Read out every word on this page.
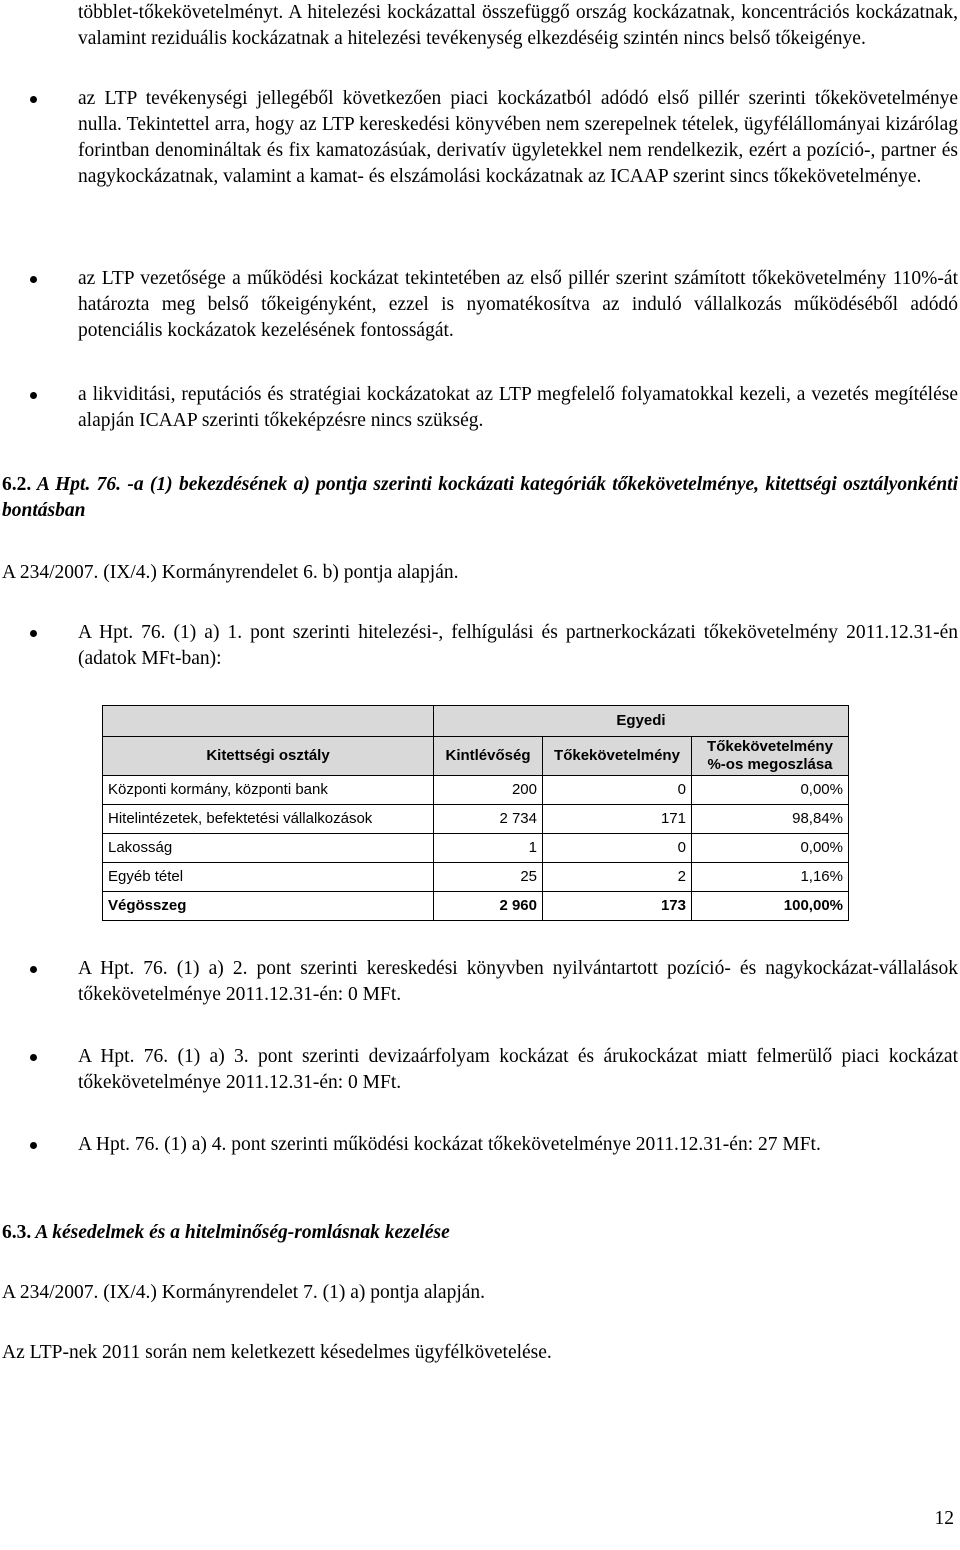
többlet-tőkekövetelményt. A hitelezési kockázattal összefüggő ország kockázatnak, koncentrációs kockázatnak, valamint reziduális kockázatnak a hitelezési tevékenység elkezdéséig szintén nincs belső tőkeigénye.

az LTP tevékenységi jellegéből következően piaci kockázatból adódó első pillér szerinti tőkekövetelménye nulla. Tekintettel arra, hogy az LTP kereskedési könyvében nem szerepelnek tételek, ügyfélállományai kizárólag forintban denomináltak és fix kamatozásúak, derivatív ügyletekkel nem rendelkezik, ezért a pozíció-, partner és nagykockázatnak, valamint a kamat- és elszámolási kockázatnak az ICAAP szerint sincs tőkekövetelménye.

az LTP vezetősége a működési kockázat tekintetében az első pillér szerint számított tőkekövetelmény 110%-át határozta meg belső tőkeigényként, ezzel is nyomatékosítva az induló vállalkozás működéséből adódó potenciális kockázatok kezelésének fontosságát.

a likviditási, reputációs és stratégiai kockázatokat az LTP megfelelő folyamatokkal kezeli, a vezetés megítélése alapján ICAAP szerinti tőkeképzésre nincs szükség.

6.2. A Hpt. 76. -a (1) bekezdésének a) pontja szerinti kockázati kategóriák tőkekövetelménye, kitettségi osztályonkénti bontásban

A 234/2007. (IX/4.) Kormányrendelet 6. b) pontja alapján.

A Hpt. 76. (1) a) 1. pont szerinti hitelezési-, felhígulási és partnerkockázati tőkekövetelmény 2011.12.31-én (adatok MFt-ban):

	Egyedi		
Kitettségi osztály	Kintlévőség	Tőkekövetelmény	Tőkekövetelmény %-os megoszlása
Központi kormány, központi bank	200	0	0,00%
Hitelintézetek, befektetési vállalkozások	2 734	171	98,84%
Lakosság	1	0	0,00%
Egyéb tétel	25	2	1,16%
Végösszeg	2 960	173	100,00%

A Hpt. 76. (1) a) 2. pont szerinti kereskedési könyvben nyilvántartott pozíció- és nagykockázat-vállalások tőkekövetelménye 2011.12.31-én: 0 MFt.

A Hpt. 76. (1) a) 3. pont szerinti devizaárfolyam kockázat és árukockázat miatt felmerülő piaci kockázat tőkekövetelménye 2011.12.31-én: 0 MFt.

A Hpt. 76. (1) a) 4. pont szerinti működési kockázat tőkekövetelménye 2011.12.31-én: 27 MFt.

6.3. A késedelmek és a hitelminőség-romlásnak kezelése

A 234/2007. (IX/4.) Kormányrendelet 7. (1) a) pontja alapján.

Az LTP-nek 2011 során nem keletkezett késedelmes ügyfélkövetelése.

12
